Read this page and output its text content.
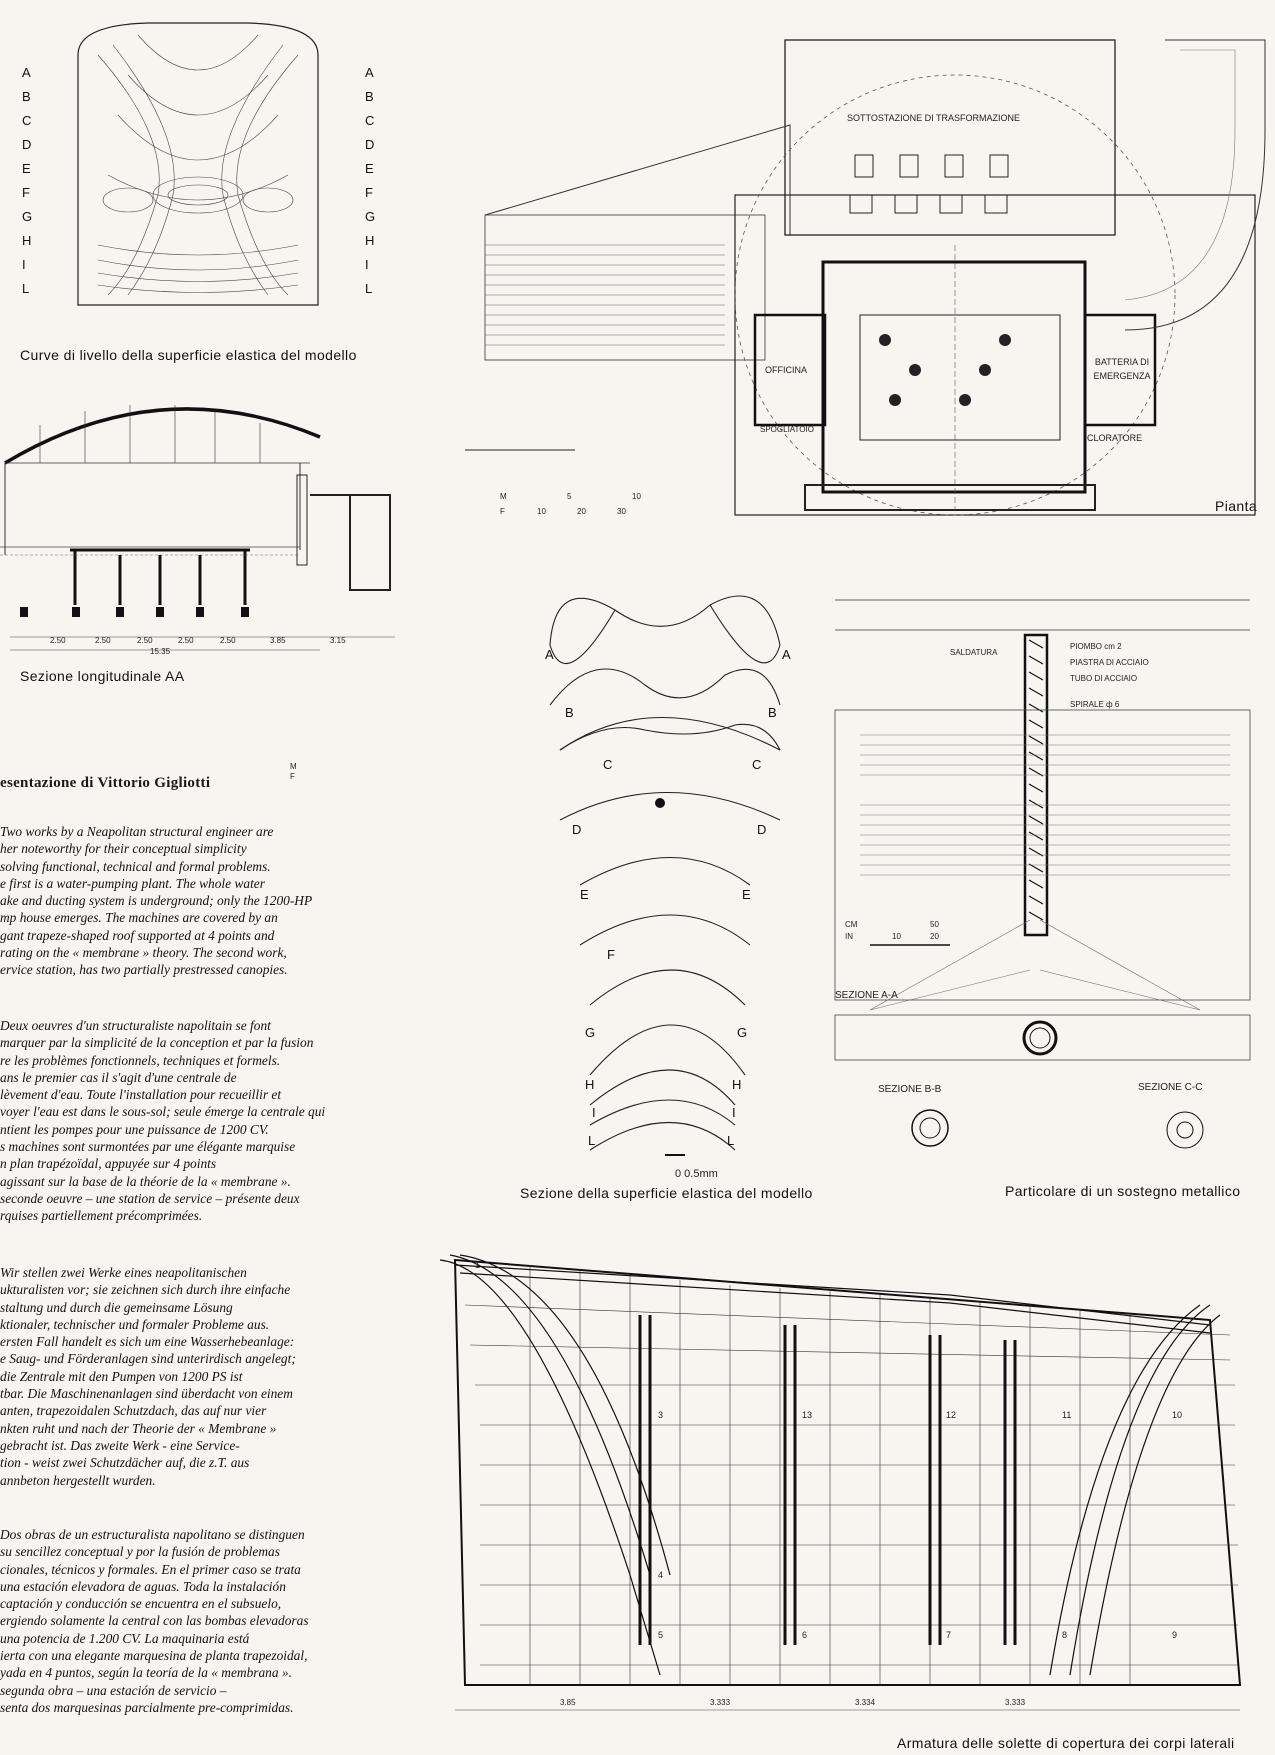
A
B
C
D
E
F
G
H
I
L
A
B
C
D
E
F
G
H
I
L
Curve di livello della superficie elastica del modello
2.50	2.50	2.50	2.50	2.50	3.85	3.15
15.35
M
F
Sezione longitudinale AA
SOTTOSTAZIONE DI TRASFORMAZIONE
OFFICINA
SPOGLIATOIO
BATTERIA DI EMERGENZA
CLORATORE
M
F
5	10
10	20	30	Pianta
A	A
B	B
C	C
D	D
E	E
F
G	G
H	H
I	I
L	L
0 0.5mm
Sezione della superficie elastica del modello
SALDATURA
PIOMBO cm 2
PIASTRA DI ACCIAIO
TUBO DI ACCIAIO
SPIRALE ф 6
CM
IN
50
10	20
SEZIONE A-A
SEZIONE B-B	SEZIONE C-C
Particolare di un sostegno metallico
esentazione di Vittorio Gigliotti

Two works by a Neapolitan structural engineer are

her noteworthy for their conceptual simplicity

solving functional, technical and formal problems.

e first is a water-pumping plant. The whole water

ake and ducting system is underground; only the 1200-HP

mp house emerges. The machines are covered by an

gant trapeze-shaped roof supported at 4 points and

rating on the « membrane » theory. The second work,

ervice station, has two partially prestressed canopies.

Deux oeuvres d'un structuraliste napolitain se font

marquer par la simplicité de la conception et par la fusion

re les problèmes fonctionnels, techniques et formels.

ans le premier cas il s'agit d'une centrale de

lèvement d'eau. Toute l'installation pour recueillir et

voyer l'eau est dans le sous-sol; seule émerge la centrale qui

ntient les pompes pour une puissance de 1200 CV.

s machines sont surmontées par une élégante marquise

n plan trapézoïdal, appuyée sur 4 points

agissant sur la base de la théorie de la « membrane ».

seconde oeuvre – une station de service – présente deux

rquises partiellement précomprimées.

Wir stellen zwei Werke eines neapolitanischen

ukturalisten vor; sie zeichnen sich durch ihre einfache

staltung und durch die gemeinsame Lösung

ktionaler, technischer und formaler Probleme aus.

ersten Fall handelt es sich um eine Wasserhebeanlage:

e Saug- und Förderanlagen sind unterirdisch angelegt;

die Zentrale mit den Pumpen von 1200 PS ist

tbar. Die Maschinenanlagen sind überdacht von einem

anten, trapezoidalen Schutzdach, das auf nur vier

nkten ruht und nach der Theorie der « Membrane »

gebracht ist. Das zweite Werk - eine Service-

tion - weist zwei Schutzdächer auf, die z.T. aus

annbeton hergestellt wurden.

Dos obras de un estructuralista napolitano se distinguen

su sencillez conceptual y por la fusión de problemas

cionales, técnicos y formales. En el primer caso se trata

una estación elevadora de aguas. Toda la instalación

captación y conducción se encuentra en el subsuelo,

ergiendo solamente la central con las bombas elevadoras

una potencia de 1.200 CV. La maquinaria está

ierta con una elegante marquesina de planta trapezoidal,

yada en 4 puntos, según la teoría de la « membrana ».

segunda obra – una estación de servicio –

senta dos marquesinas parcialmente pre-comprimidas.

1
3	13	12	11	10
4
5	6	7	8	9
3.85	3.333	3.334	3.333
Armatura delle solette di copertura dei corpi laterali
